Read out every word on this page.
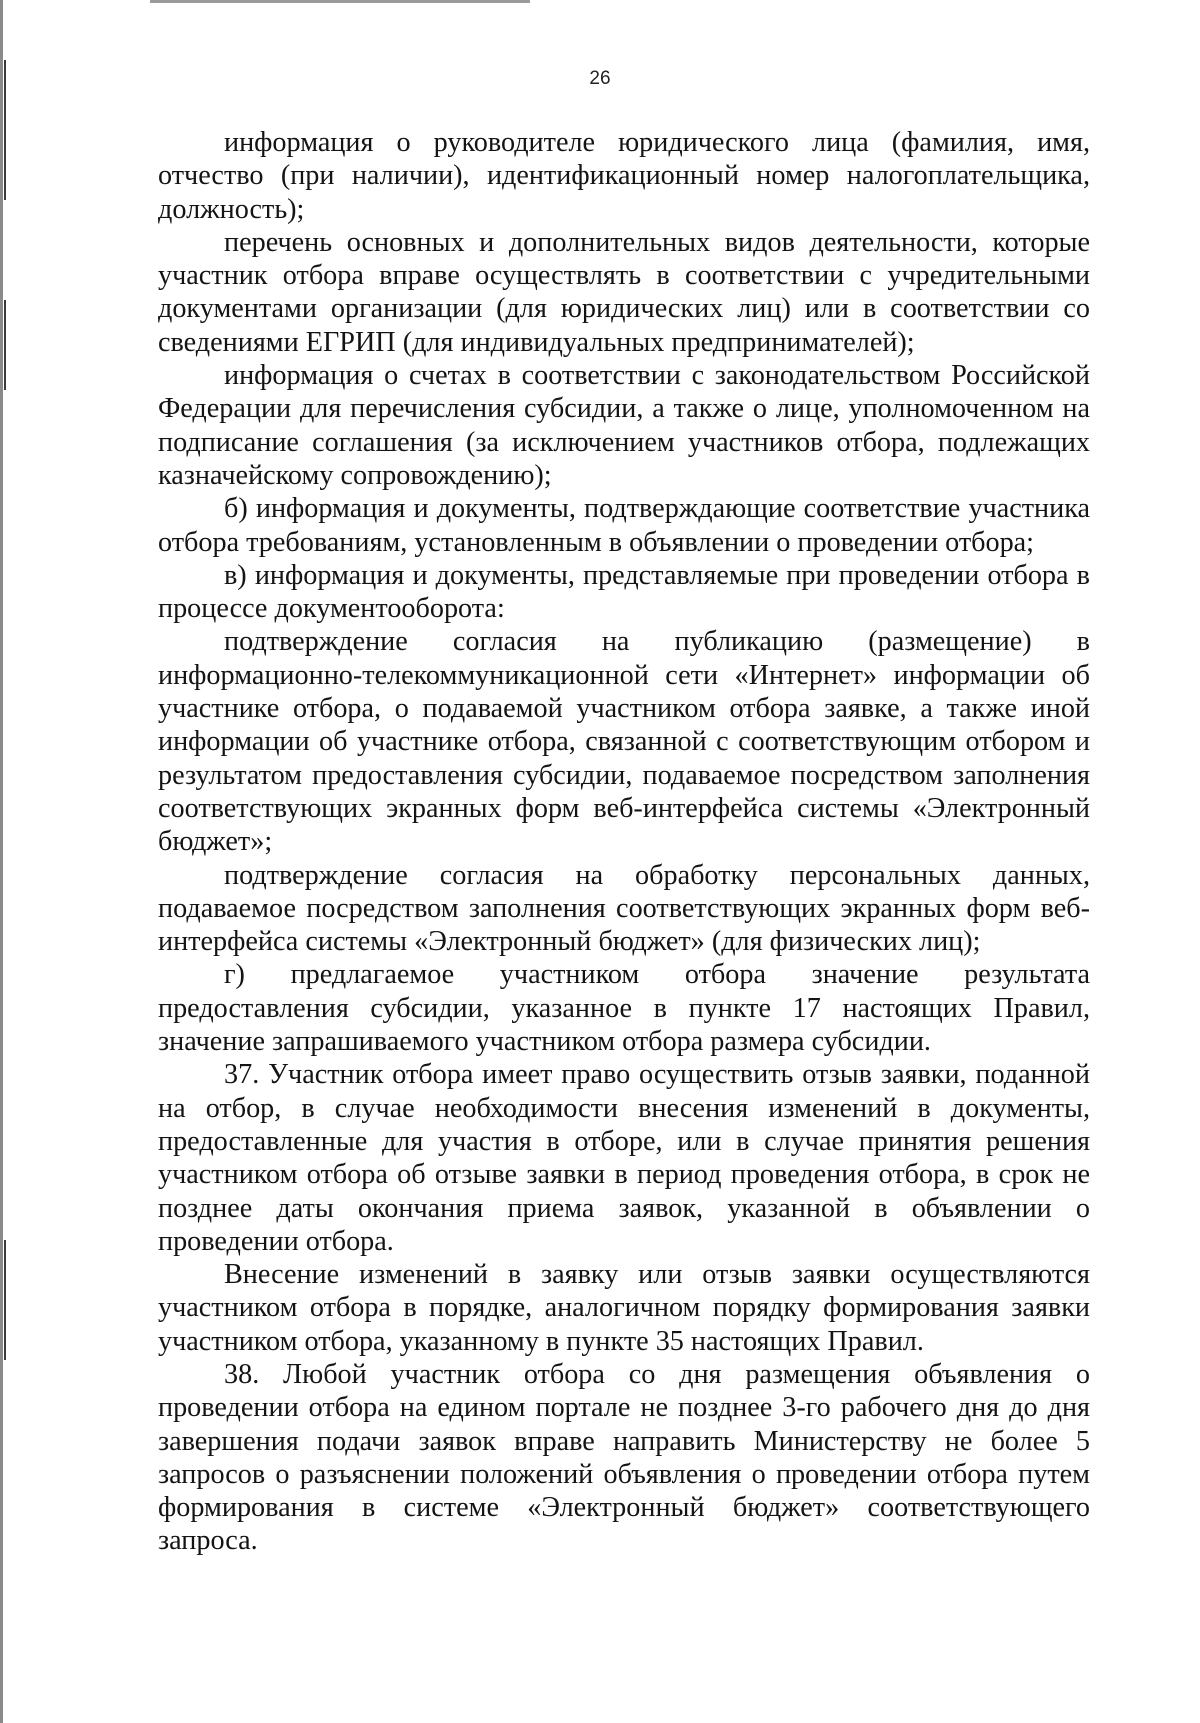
26

информация о руководителе юридического лица (фамилия, имя, отчество (при наличии), идентификационный номер налогоплательщика, должность);

перечень основных и дополнительных видов деятельности, которые участник отбора вправе осуществлять в соответствии с учредительными документами организации (для юридических лиц) или в соответствии со сведениями ЕГРИП (для индивидуальных предпринимателей);

информация о счетах в соответствии с законодательством Российской Федерации для перечисления субсидии, а также о лице, уполномоченном на подписание соглашения (за исключением участников отбора, подлежащих казначейскому сопровождению);

б) информация и документы, подтверждающие соответствие участника отбора требованиям, установленным в объявлении о проведении отбора;

в) информация и документы, представляемые при проведении отбора в процессе документооборота:

подтверждение согласия на публикацию (размещение) в информационно-телекоммуникационной сети «Интернет» информации об участнике отбора, о подаваемой участником отбора заявке, а также иной информации об участнике отбора, связанной с соответствующим отбором и результатом предоставления субсидии, подаваемое посредством заполнения соответствующих экранных форм веб-интерфейса системы «Электронный бюджет»;

подтверждение согласия на обработку персональных данных, подаваемое посредством заполнения соответствующих экранных форм веб-интерфейса системы «Электронный бюджет» (для физических лиц);

г) предлагаемое участником отбора значение результата предоставления субсидии, указанное в пункте 17 настоящих Правил, значение запрашиваемого участником отбора размера субсидии.

37. Участник отбора имеет право осуществить отзыв заявки, поданной на отбор, в случае необходимости внесения изменений в документы, предоставленные для участия в отборе, или в случае принятия решения участником отбора об отзыве заявки в период проведения отбора, в срок не позднее даты окончания приема заявок, указанной в объявлении о проведении отбора.

Внесение изменений в заявку или отзыв заявки осуществляются участником отбора в порядке, аналогичном порядку формирования заявки участником отбора, указанному в пункте 35 настоящих Правил.

38. Любой участник отбора со дня размещения объявления о проведении отбора на едином портале не позднее 3-го рабочего дня до дня завершения подачи заявок вправе направить Министерству не более 5 запросов о разъяснении положений объявления о проведении отбора путем формирования в системе «Электронный бюджет» соответствующего запроса.
